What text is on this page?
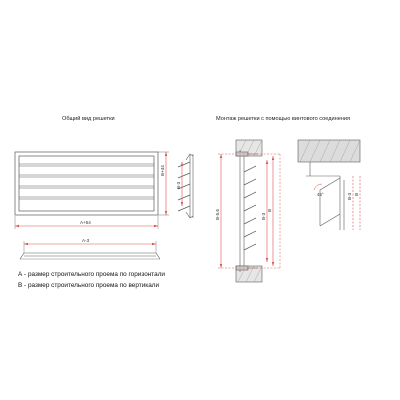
Общий вид решетки	Монтаж решетки с помощью винтового соединения
A+54
B+44
B-3
A-3
B-5.6	B-3
B
45°	B-3 B
А - размер строительного проема по горизонтали
В - размер строительного проема по вертикали
